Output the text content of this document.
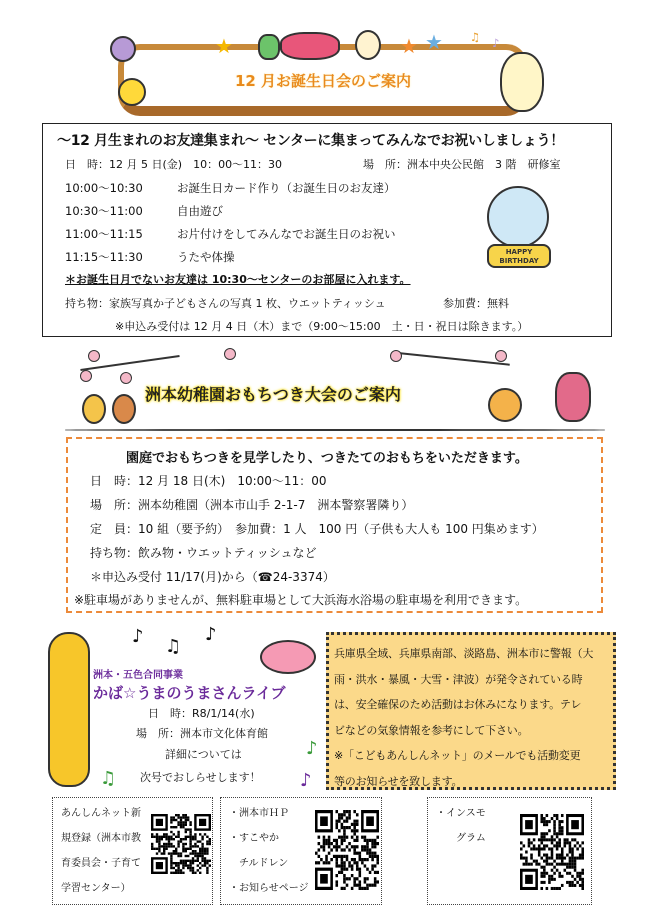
12 月お誕生日会のご案内
★	★ ★ ♫ ♪
～12 月生まれのお友達集まれ～ センターに集まってみんなでお祝いしましょう！
日　時：12 月 5 日(金)　10：00～11：30	場　所：洲本中央公民館　3 階　研修室
10:00～10:30	お誕生日カード作り（お誕生日のお友達）
10:30～11:00	自由遊び
11:00～11:15	お片付けをしてみんなでお誕生日のお祝い
11:15～11:30	うたや体操
＊お誕生日月でないお友達は 10:30～センターのお部屋に入れます。
持ち物：家族写真か子どもさんの写真 1 枚、ウエットティッシュ	参加費：無料
※申込み受付は 12 月 4 日（木）まで（9:00～15:00　土・日・祝日は除きます。）
HAPPY BIRTHDAY
洲本幼稚園おもちつき大会のご案内
園庭でおもちつきを見学したり、つきたてのおもちをいただきます。
日　時：12 月 18 日(木)　10:00～11：00
場　所：洲本幼稚園（洲本市山手 2-1-7　洲本警察署隣り）
定　員：10 組（要予約）　参加費：1 人　100 円（子供も大人も 100 円集めます）
持ち物：飲み物・ウエットティッシュなど
＊申込み受付 11/17(月)から（☎24-3374）
※駐車場がありませんが、無料駐車場として大浜海水浴場の駐車場を利用できます。
♪ ♫
♪
♫	♪
♪
洲本・五色合同事業
かば☆うまのうまさんライブ
日　時：R8/1/14(水)
場　所：洲本市文化体育館
詳細については
次号でおしらせします！
兵庫県全域、兵庫県南部、淡路島、洲本市に警報（大
雨・洪水・暴風・大雪・津波）が発令されている時
は、安全確保のため活動はお休みになります。テレ
ビなどの気象情報を参考にして下さい。
※「こどもあんしんネット」のメールでも活動変更
等のお知らせを致します。
あんしんネット新
規登録（洲本市教
育委員会・子育て
学習センター）
・洲本市ＨＰ
・すこやか
　チルドレン
・お知らせページ
・インスモ
　　グラム
